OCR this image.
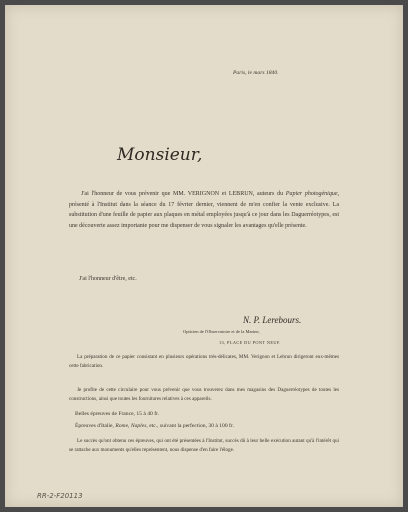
Paris, le mars 1840.
Monsieur,
J'ai l'honneur de vous prévenir que MM. VERIGNON et LEBRUN, auteurs du Papier photogénique, présenté à l'Institut dans la séance du 17 février dernier, viennent de m'en confier la vente exclusive. La substitution d'une feuille de papier aux plaques en métal employées jusqu'à ce jour dans les Daguerréotypes, est une découverte assez importante pour me dispenser de vous signaler les avantages qu'elle présente.
J'ai l'honneur d'être, etc.
N. P. Lerebours.
Opticien de l'Observatoire et de la Marine,
13, PLACE DU PONT NEUF.
La préparation de ce papier consistant en plusieurs opérations très-délicates, MM. Verignon et Lebrun dirigeront eux-mêmes cette fabrication.
Je profite de cette circulaire pour vous prévenir que vous trouverez dans mes magasins des Daguerréotypes de toutes les constructions, ainsi que toutes les fournitures relatives à ces appareils.
Belles épreuves de France, 15 à 40 fr.
Épreuves d'Italie, Rome, Naples, etc., suivant la perfection, 30 à 100 fr.
Le succès qu'ont obtenu ces épreuves, qui ont été présentées à l'Institut, succès dû à leur belle exécution autant qu'à l'intérêt qui se rattache aux monuments qu'elles représentent, nous dispense d'en faire l'éloge.
RR-2-F20113
